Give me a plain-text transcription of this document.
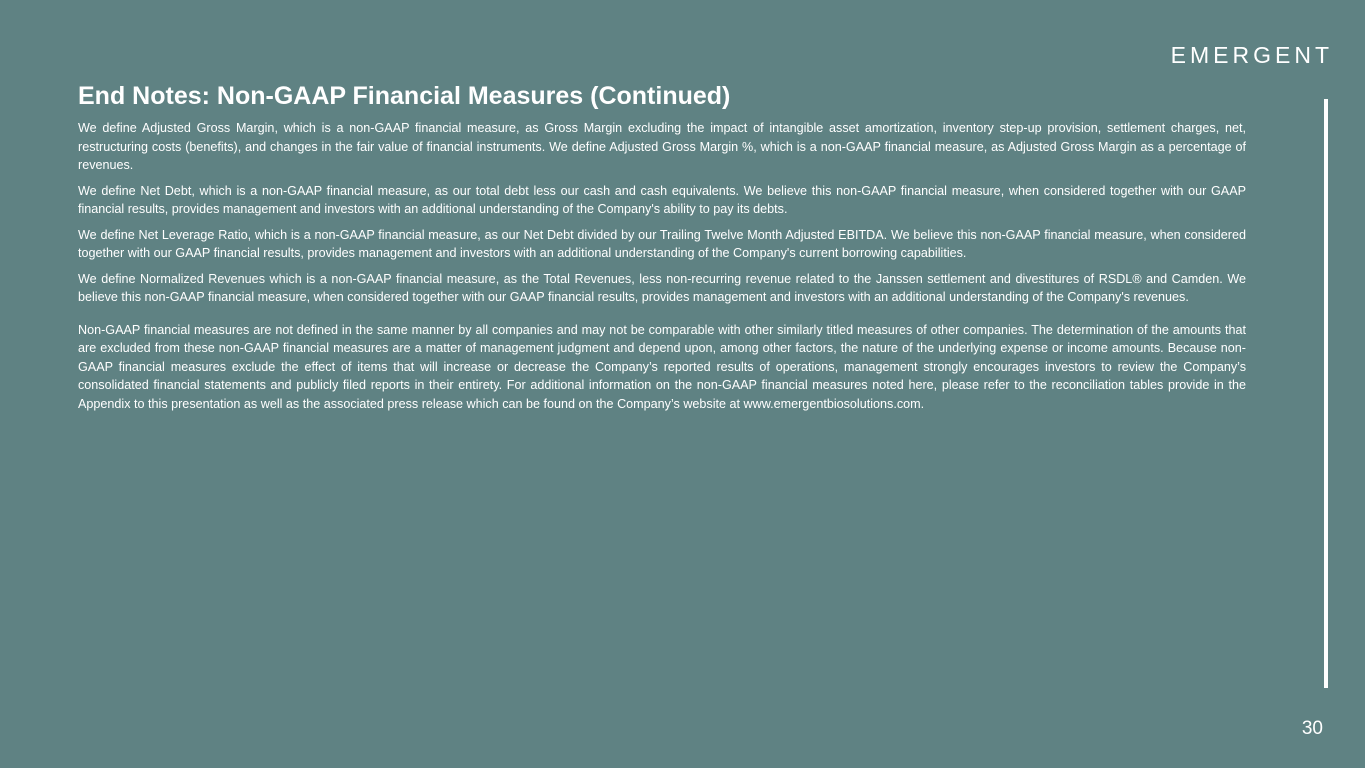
EMERGENT
End Notes: Non-GAAP Financial Measures (Continued)

We define Adjusted Gross Margin, which is a non-GAAP financial measure, as Gross Margin excluding the impact of intangible asset amortization, inventory step-up provision, settlement charges, net, restructuring costs (benefits), and changes in the fair value of financial instruments. We define Adjusted Gross Margin %, which is a non-GAAP financial measure, as Adjusted Gross Margin as a percentage of revenues.

We define Net Debt, which is a non-GAAP financial measure, as our total debt less our cash and cash equivalents. We believe this non-GAAP financial measure, when considered together with our GAAP financial results, provides management and investors with an additional understanding of the Company's ability to pay its debts.

We define Net Leverage Ratio, which is a non-GAAP financial measure, as our Net Debt divided by our Trailing Twelve Month Adjusted EBITDA. We believe this non-GAAP financial measure, when considered together with our GAAP financial results, provides management and investors with an additional understanding of the Company's current borrowing capabilities.

We define Normalized Revenues which is a non-GAAP financial measure, as the Total Revenues, less non-recurring revenue related to the Janssen settlement and divestitures of RSDL® and Camden. We believe this non-GAAP financial measure, when considered together with our GAAP financial results, provides management and investors with an additional understanding of the Company's revenues.

Non-GAAP financial measures are not defined in the same manner by all companies and may not be comparable with other similarly titled measures of other companies. The determination of the amounts that are excluded from these non-GAAP financial measures are a matter of management judgment and depend upon, among other factors, the nature of the underlying expense or income amounts. Because non-GAAP financial measures exclude the effect of items that will increase or decrease the Company’s reported results of operations, management strongly encourages investors to review the Company’s consolidated financial statements and publicly filed reports in their entirety. For additional information on the non-GAAP financial measures noted here, please refer to the reconciliation tables provide in the Appendix to this presentation as well as the associated press release which can be found on the Company’s website at www.emergentbiosolutions.com.

30
